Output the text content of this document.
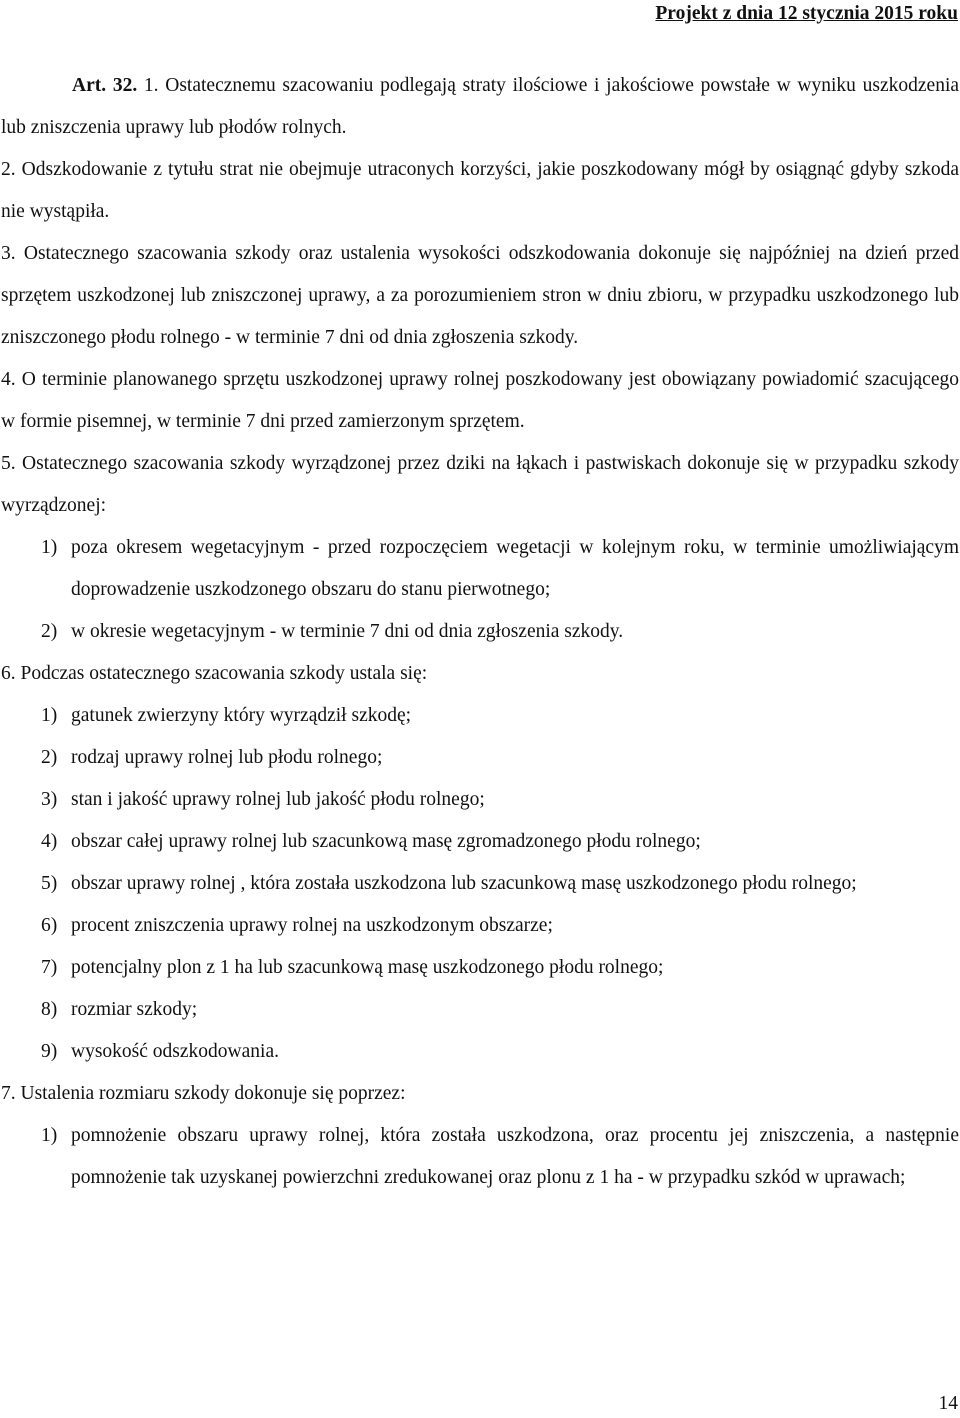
Projekt z dnia 12 stycznia 2015 roku

Art. 32. 1. Ostatecznemu szacowaniu podlegają straty ilościowe i jakościowe powstałe w wyniku uszkodzenia lub zniszczenia uprawy lub płodów rolnych.

2. Odszkodowanie z tytułu strat nie obejmuje utraconych korzyści, jakie poszkodowany mógł by osiągnąć gdyby szkoda nie wystąpiła.

3. Ostatecznego szacowania szkody oraz ustalenia wysokości odszkodowania dokonuje się najpóźniej na dzień przed sprzętem uszkodzonej lub zniszczonej uprawy, a za porozumieniem stron w dniu zbioru, w przypadku uszkodzonego lub zniszczonego płodu rolnego - w terminie 7 dni od dnia zgłoszenia szkody.

4. O terminie planowanego sprzętu uszkodzonej uprawy rolnej poszkodowany jest obowiązany powiadomić szacującego w formie pisemnej, w terminie 7 dni przed zamierzonym sprzętem.

5. Ostatecznego szacowania szkody wyrządzonej przez dziki na łąkach i pastwiskach dokonuje się w przypadku szkody wyrządzonej:

1) poza okresem wegetacyjnym - przed rozpoczęciem wegetacji w kolejnym roku, w terminie umożliwiającym doprowadzenie uszkodzonego obszaru do stanu pierwotnego;
2) w okresie wegetacyjnym - w terminie 7 dni od dnia zgłoszenia szkody.

6. Podczas ostatecznego szacowania szkody ustala się:

1) gatunek zwierzyny który wyrządził szkodę;
2) rodzaj uprawy rolnej lub płodu rolnego;
3) stan i jakość uprawy rolnej lub jakość płodu rolnego;
4) obszar całej uprawy rolnej lub szacunkową masę zgromadzonego płodu rolnego;
5) obszar uprawy rolnej , która została uszkodzona lub szacunkową masę uszkodzonego płodu rolnego;
6) procent zniszczenia uprawy rolnej na uszkodzonym obszarze;
7) potencjalny plon z 1 ha lub szacunkową masę uszkodzonego płodu rolnego;
8) rozmiar szkody;
9) wysokość odszkodowania.

7. Ustalenia rozmiaru szkody dokonuje się poprzez:

1) pomnożenie obszaru uprawy rolnej, która została uszkodzona, oraz procentu jej zniszczenia, a następnie pomnożenie tak uzyskanej powierzchni zredukowanej oraz plonu z 1 ha - w przypadku szkód w uprawach;
14
